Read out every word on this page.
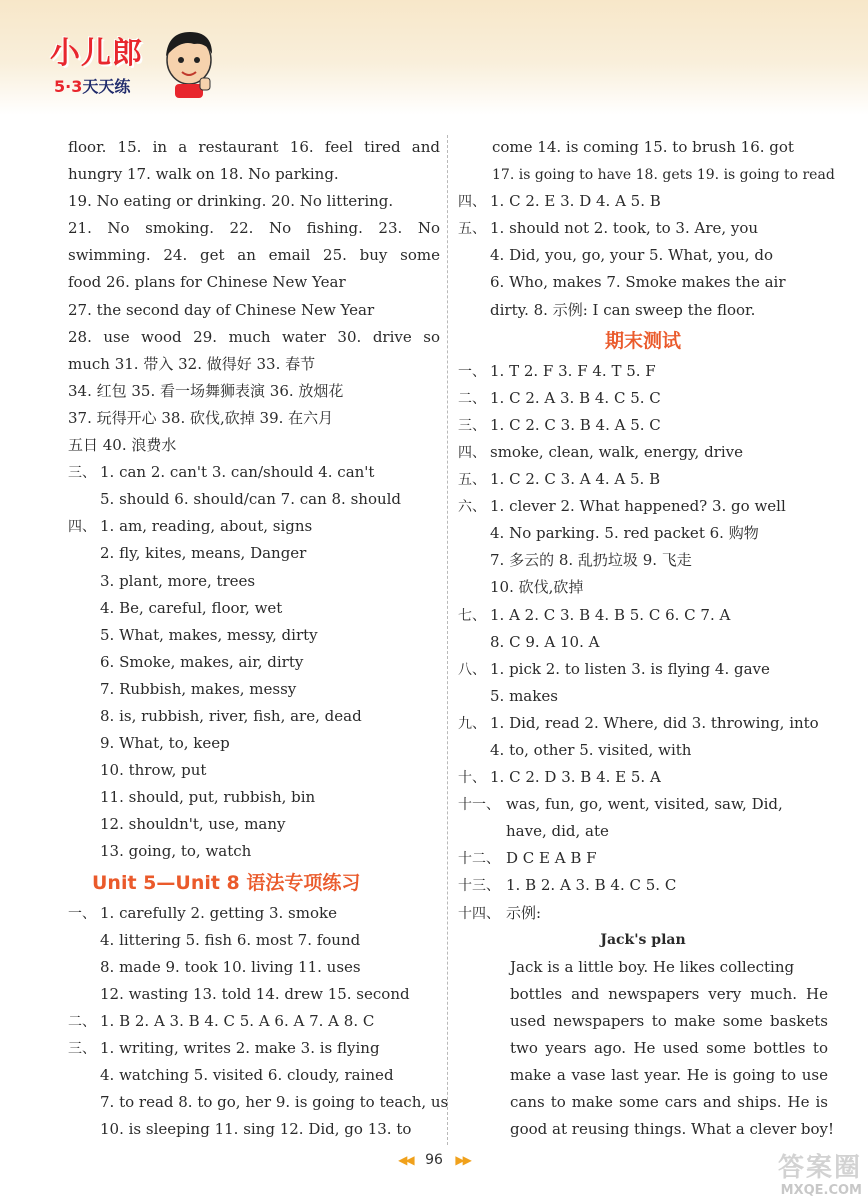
小儿郎
5·3天天练
floor. 15. in a restaurant 16. feel tired and
hungry 17. walk on 18. No parking.
19. No eating or drinking. 20. No littering.
21. No smoking. 22. No fishing. 23. No
swimming. 24. get an email 25. buy some
food 26. plans for Chinese New Year
27. the second day of Chinese New Year
28. use wood 29. much water 30. drive so
much 31. 带入 32. 做得好 33. 春节
34. 红包 35. 看一场舞狮表演 36. 放烟花
37. 玩得开心 38. 砍伐,砍掉 39. 在六月
五日 40. 浪费水
三、 1. can 2. can't 3. can/should 4. can't
5. should 6. should/can 7. can 8. should
四、 1. am, reading, about, signs
2. fly, kites, means, Danger
3. plant, more, trees
4. Be, careful, floor, wet
5. What, makes, messy, dirty
6. Smoke, makes, air, dirty
7. Rubbish, makes, messy
8. is, rubbish, river, fish, are, dead
9. What, to, keep
10. throw, put
11. should, put, rubbish, bin
12. shouldn't, use, many
13. going, to, watch
Unit 5—Unit 8 语法专项练习
一、 1. carefully 2. getting 3. smoke
4. littering 5. fish 6. most 7. found
8. made 9. took 10. living 11. uses
12. wasting 13. told 14. drew 15. second
二、 1. B 2. A 3. B 4. C 5. A 6. A 7. A 8. C
三、 1. writing, writes 2. make 3. is flying
4. watching 5. visited 6. cloudy, rained
7. to read 8. to go, her 9. is going to teach, us
10. is sleeping 11. sing 12. Did, go 13. to
come 14. is coming 15. to brush 16. got
17. is going to have 18. gets 19. is going to read
四、 1. C 2. E 3. D 4. A 5. B
五、 1. should not 2. took, to 3. Are, you
4. Did, you, go, your 5. What, you, do
6. Who, makes 7. Smoke makes the air
dirty. 8. 示例: I can sweep the floor.
期末测试
一、 1. T 2. F 3. F 4. T 5. F
二、 1. C 2. A 3. B 4. C 5. C
三、 1. C 2. C 3. B 4. A 5. C
四、 smoke, clean, walk, energy, drive
五、 1. C 2. C 3. A 4. A 5. B
六、 1. clever 2. What happened? 3. go well
4. No parking. 5. red packet 6. 购物
7. 多云的 8. 乱扔垃圾 9. 飞走
10. 砍伐,砍掉
七、 1. A 2. C 3. B 4. B 5. C 6. C 7. A
8. C 9. A 10. A
八、 1. pick 2. to listen 3. is flying 4. gave
5. makes
九、 1. Did, read 2. Where, did 3. throwing, into
4. to, other 5. visited, with
十、 1. C 2. D 3. B 4. E 5. A
十一、 was, fun, go, went, visited, saw, Did,
have, did, ate
十二、 D C E A B F
十三、 1. B 2. A 3. B 4. C 5. C
十四、 示例:
Jack's plan
Jack is a little boy. He likes collecting
bottles and newspapers very much. He
used newspapers to make some baskets
two years ago. He used some bottles to
make a vase last year. He is going to use
cans to make some cars and ships. He is
good at reusing things. What a clever boy!
◀◀ 96 ▶▶	答案圈
MXQE.COM
